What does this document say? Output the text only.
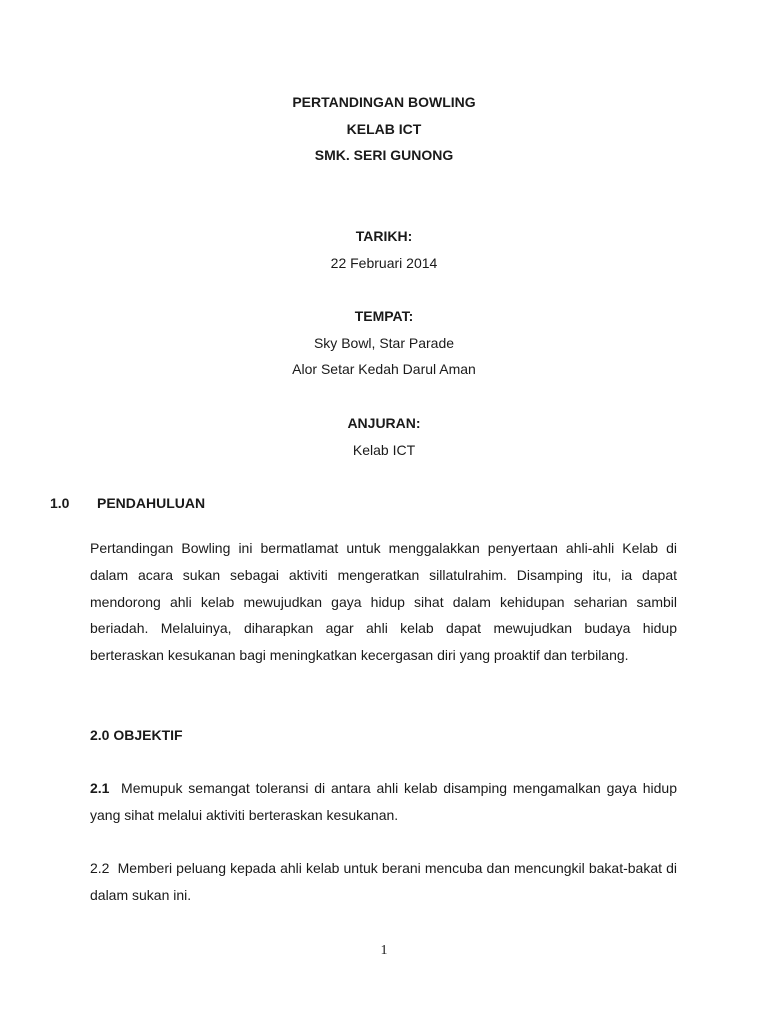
PERTANDINGAN BOWLING
KELAB ICT
SMK. SERI GUNONG
TARIKH:
22 Februari 2014
TEMPAT:
Sky Bowl, Star Parade
Alor Setar Kedah Darul Aman
ANJURAN:
Kelab ICT
1.0 PENDAHULUAN
Pertandingan Bowling ini bermatlamat untuk menggalakkan penyertaan ahli-ahli Kelab di dalam acara sukan sebagai aktiviti mengeratkan sillatulrahim. Disamping itu, ia dapat mendorong ahli kelab mewujudkan gaya hidup sihat dalam kehidupan seharian sambil beriadah. Melaluinya, diharapkan agar ahli kelab dapat mewujudkan budaya hidup berteraskan kesukanan bagi meningkatkan kecergasan diri yang proaktif dan terbilang.
2.0 OBJEKTIF
2.1 Memupuk semangat toleransi di antara ahli kelab disamping mengamalkan gaya hidup yang sihat melalui aktiviti berteraskan kesukanan.
2.2 Memberi peluang kepada ahli kelab untuk berani mencuba dan mencungkil bakat-bakat di dalam sukan ini.
1
